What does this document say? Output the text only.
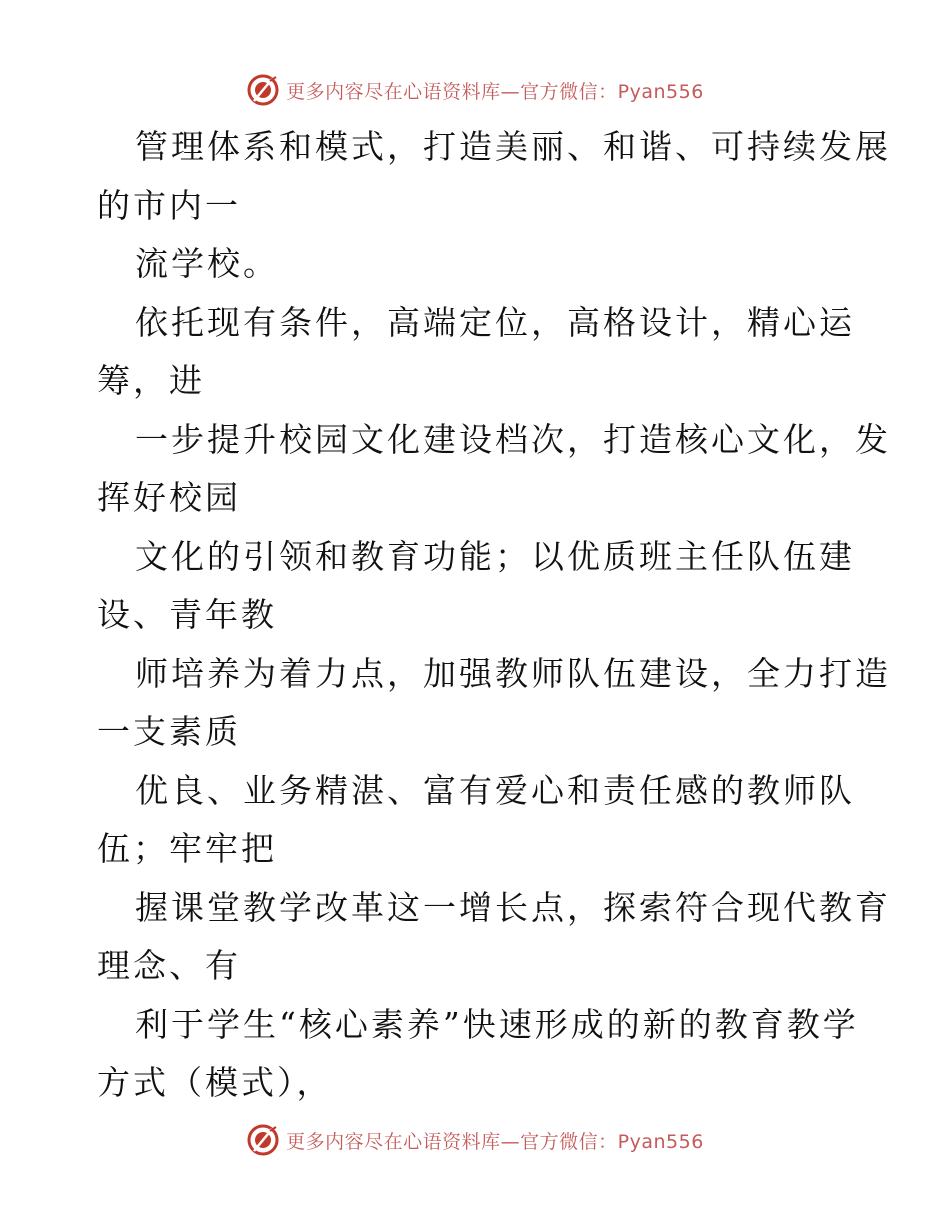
更多内容尽在心语资料库—官方微信：Pyan556
管理体系和模式，打造美丽、和谐、可持续发展
的市内一
流学校。
依托现有条件，高端定位，高格设计，精心运
筹，进
一步提升校园文化建设档次，打造核心文化，发
挥好校园
文化的引领和教育功能；以优质班主任队伍建
设、青年教
师培养为着力点，加强教师队伍建设，全力打造
一支素质
优良、业务精湛、富有爱心和责任感的教师队
伍；牢牢把
握课堂教学改革这一增长点，探索符合现代教育
理念、有
利于学生“核心素养”快速形成的新的教育教学
方式（模式），
更多内容尽在心语资料库—官方微信：Pyan556
